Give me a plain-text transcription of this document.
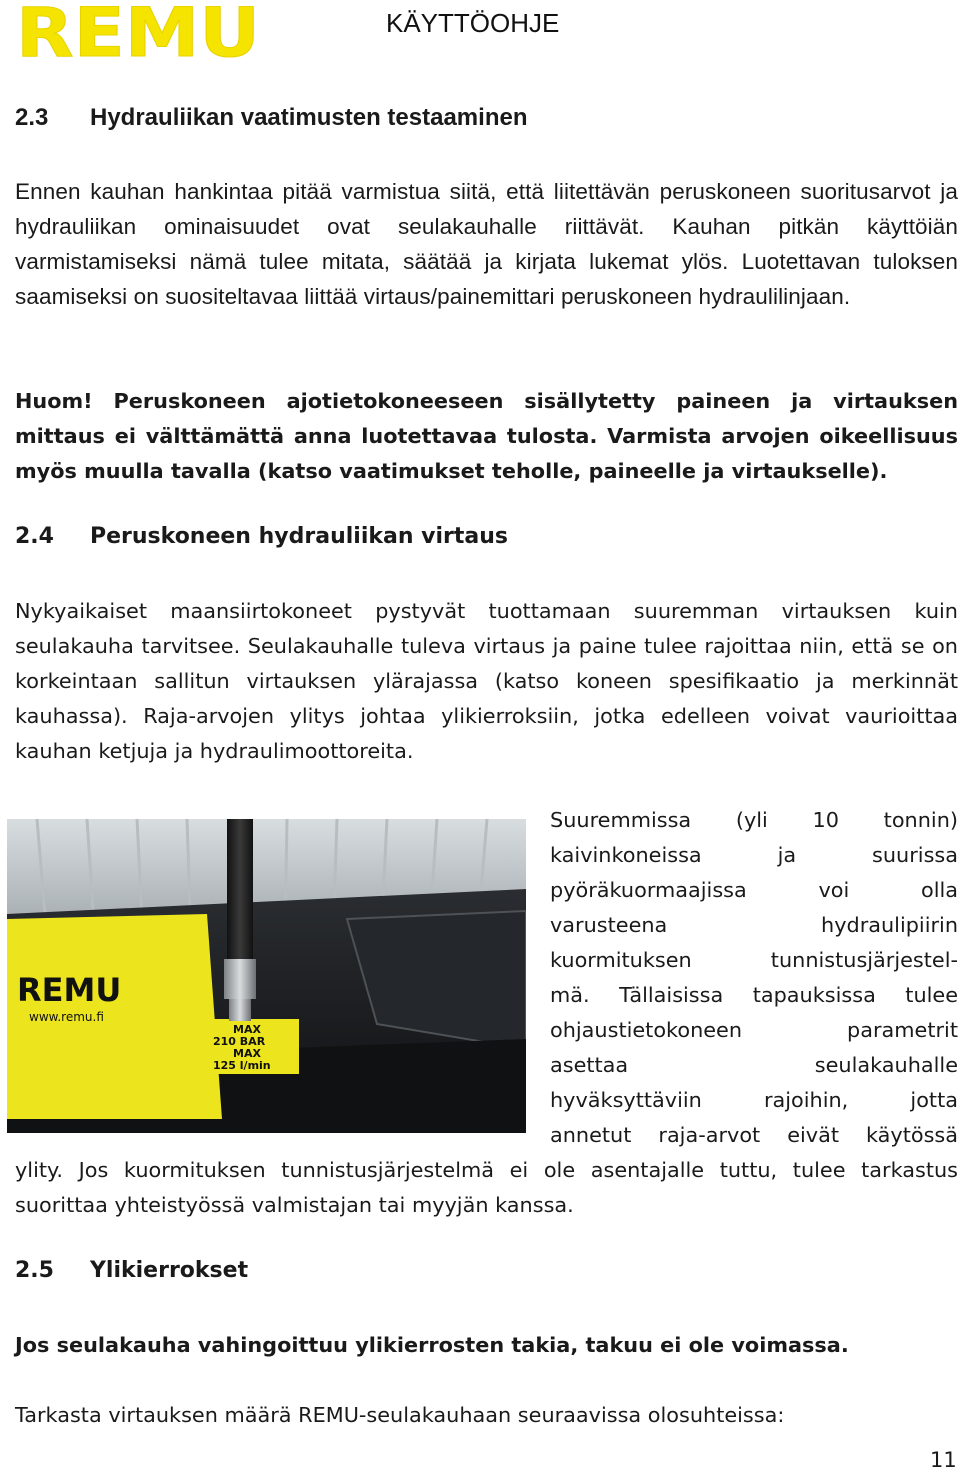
REMU	KÄYTTÖOHJE
2.3	Hydrauliikan vaatimusten testaaminen

Ennen kauhan hankintaa pitää varmistua siitä, että liitettävän peruskoneen suoritusarvot ja hydrauliikan ominaisuudet ovat seulakauhalle riittävät. Kauhan pitkän käyttöiän varmistamiseksi nämä tulee mitata, säätää ja kirjata lukemat ylös. Luotettavan tuloksen saamiseksi on suositeltavaa liittää virtaus/painemittari peruskoneen hydraulilinjaan.

Huom! Peruskoneen ajotietokoneeseen sisällytetty paineen ja virtauksen mittaus ei välttämättä anna luotettavaa tulosta. Varmista arvojen oikeellisuus myös muulla tavalla (katso vaatimukset teholle, paineelle ja virtaukselle).

2.4	Peruskoneen hydrauliikan virtaus

Nykyaikaiset maansiirtokoneet pystyvät tuottamaan suuremman virtauksen kuin seulakauha tarvitsee. Seulakauhalle tuleva virtaus ja paine tulee rajoittaa niin, että se on korkeintaan sallitun virtauksen ylärajassa (katso koneen spesifikaatio ja merkinnät kauhassa). Raja-arvojen ylitys johtaa ylikierroksiin, jotka edelleen voivat vaurioittaa kauhan ketjuja ja hydraulimoottoreita.

REMU
www.remu.fi
MAX
210 BAR
MAX
125 l/min

Suuremmissa (yli 10 tonnin)

kaivinkoneissa ja suurissa

pyöräkuormaajissa voi olla

varusteena hydraulipiirin

kuormituksen tunnistusjärjestel-

mä. Tällaisissa tapauksissa tulee

ohjaustietokoneen parametrit

asettaa seulakauhalle

hyväksyttäviin rajoihin, jotta

annetut raja-arvot eivät käytössä

ylity. Jos kuormituksen tunnistusjärjestelmä ei ole asentajalle tuttu, tulee tarkastus suorittaa yhteistyössä valmistajan tai myyjän kanssa.

2.5	Ylikierrokset

Jos seulakauha vahingoittuu ylikierrosten takia, takuu ei ole voimassa.

Tarkasta virtauksen määrä REMU-seulakauhaan seuraavissa olosuhteissa:

11
